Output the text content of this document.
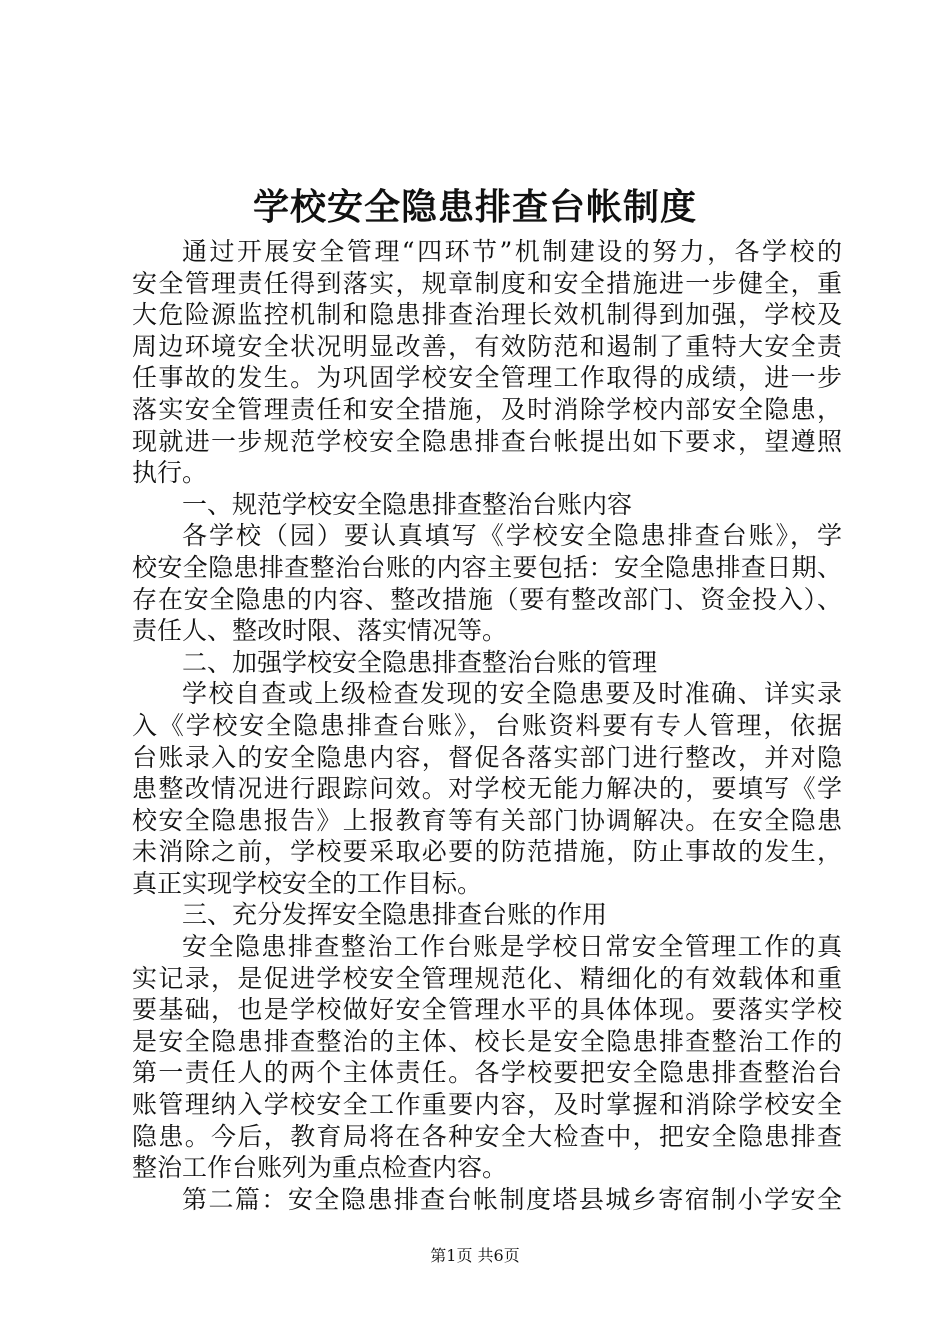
学校安全隐患排查台帐制度
通过开展安全管理“四环节”机制建设的努力，各学校的
安全管理责任得到落实，规章制度和安全措施进一步健全，重
大危险源监控机制和隐患排查治理长效机制得到加强，学校及
周边环境安全状况明显改善，有效防范和遏制了重特大安全责
任事故的发生。为巩固学校安全管理工作取得的成绩，进一步
落实安全管理责任和安全措施，及时消除学校内部安全隐患，
现就进一步规范学校安全隐患排查台帐提出如下要求，望遵照
执行。
一、规范学校安全隐患排查整治台账内容
各学校（园）要认真填写《学校安全隐患排查台账》，学
校安全隐患排查整治台账的内容主要包括：安全隐患排查日期、
存在安全隐患的内容、整改措施（要有整改部门、资金投入）、
责任人、整改时限、落实情况等。
二、加强学校安全隐患排查整治台账的管理
学校自查或上级检查发现的安全隐患要及时准确、详实录
入《学校安全隐患排查台账》，台账资料要有专人管理，依据
台账录入的安全隐患内容，督促各落实部门进行整改，并对隐
患整改情况进行跟踪问效。对学校无能力解决的，要填写《学
校安全隐患报告》上报教育等有关部门协调解决。在安全隐患
未消除之前，学校要采取必要的防范措施，防止事故的发生，
真正实现学校安全的工作目标。
三、充分发挥安全隐患排查台账的作用
安全隐患排查整治工作台账是学校日常安全管理工作的真
实记录，是促进学校安全管理规范化、精细化的有效载体和重
要基础，也是学校做好安全管理水平的具体体现。要落实学校
是安全隐患排查整治的主体、校长是安全隐患排查整治工作的
第一责任人的两个主体责任。各学校要把安全隐患排查整治台
账管理纳入学校安全工作重要内容，及时掌握和消除学校安全
隐患。今后，教育局将在各种安全大检查中，把安全隐患排查
整治工作台账列为重点检查内容。
第二篇：安全隐患排查台帐制度塔县城乡寄宿制小学安全
第1页 共6页
